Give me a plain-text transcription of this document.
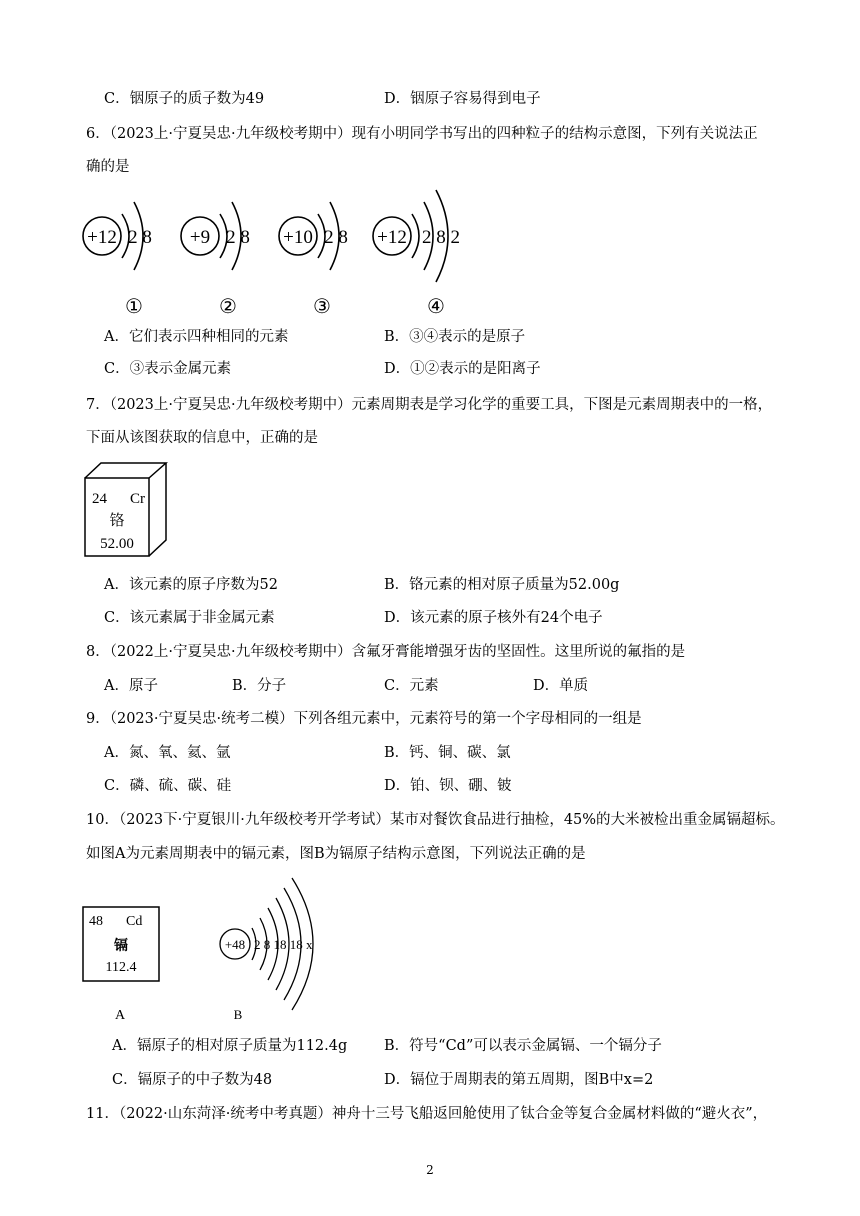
C．铟原子的质子数为49	D．铟原子容易得到电子
6．（2023上·宁夏吴忠·九年级校考期中）现有小明同学书写出的四种粒子的结构示意图，下列有关说法正
确的是
+12 2 8 +9 2 8 +10 2 8 +12 2 8 2
①	②	③	④
A．它们表示四种相同的元素	B．③④表示的是原子
C．③表示金属元素	D．①②表示的是阳离子
7．（2023上·宁夏吴忠·九年级校考期中）元素周期表是学习化学的重要工具，下图是元素周期表中的一格，
下面从该图获取的信息中，正确的是
24 Cr
铬
52.00
A．该元素的原子序数为52	B．铬元素的相对原子质量为52.00g
C．该元素属于非金属元素	D．该元素的原子核外有24个电子
8．（2022上·宁夏吴忠·九年级校考期中）含氟牙膏能增强牙齿的坚固性。这里所说的氟指的是
A．原子	B．分子	C．元素	D．单质
9．（2023·宁夏吴忠·统考二模）下列各组元素中，元素符号的第一个字母相同的一组是
A．氮、氧、氦、氩	B．钙、铜、碳、氯
C．磷、硫、碳、硅	D．铂、钡、硼、铍
10．（2023下·宁夏银川·九年级校考开学考试）某市对餐饮食品进行抽检，45%的大米被检出重金属镉超标。
如图A为元素周期表中的镉元素，图B为镉原子结构示意图，下列说法正确的是
48 Cd
镉
112.4
A
+48 2 8 18 18 x
B
A．镉原子的相对原子质量为112.4g	B．符号“Cd”可以表示金属镉、一个镉分子
C．镉原子的中子数为48	D．镉位于周期表的第五周期，图B中x=2
11．（2022·山东菏泽·统考中考真题）神舟十三号飞船返回舱使用了钛合金等复合金属材料做的“避火衣”，
2
